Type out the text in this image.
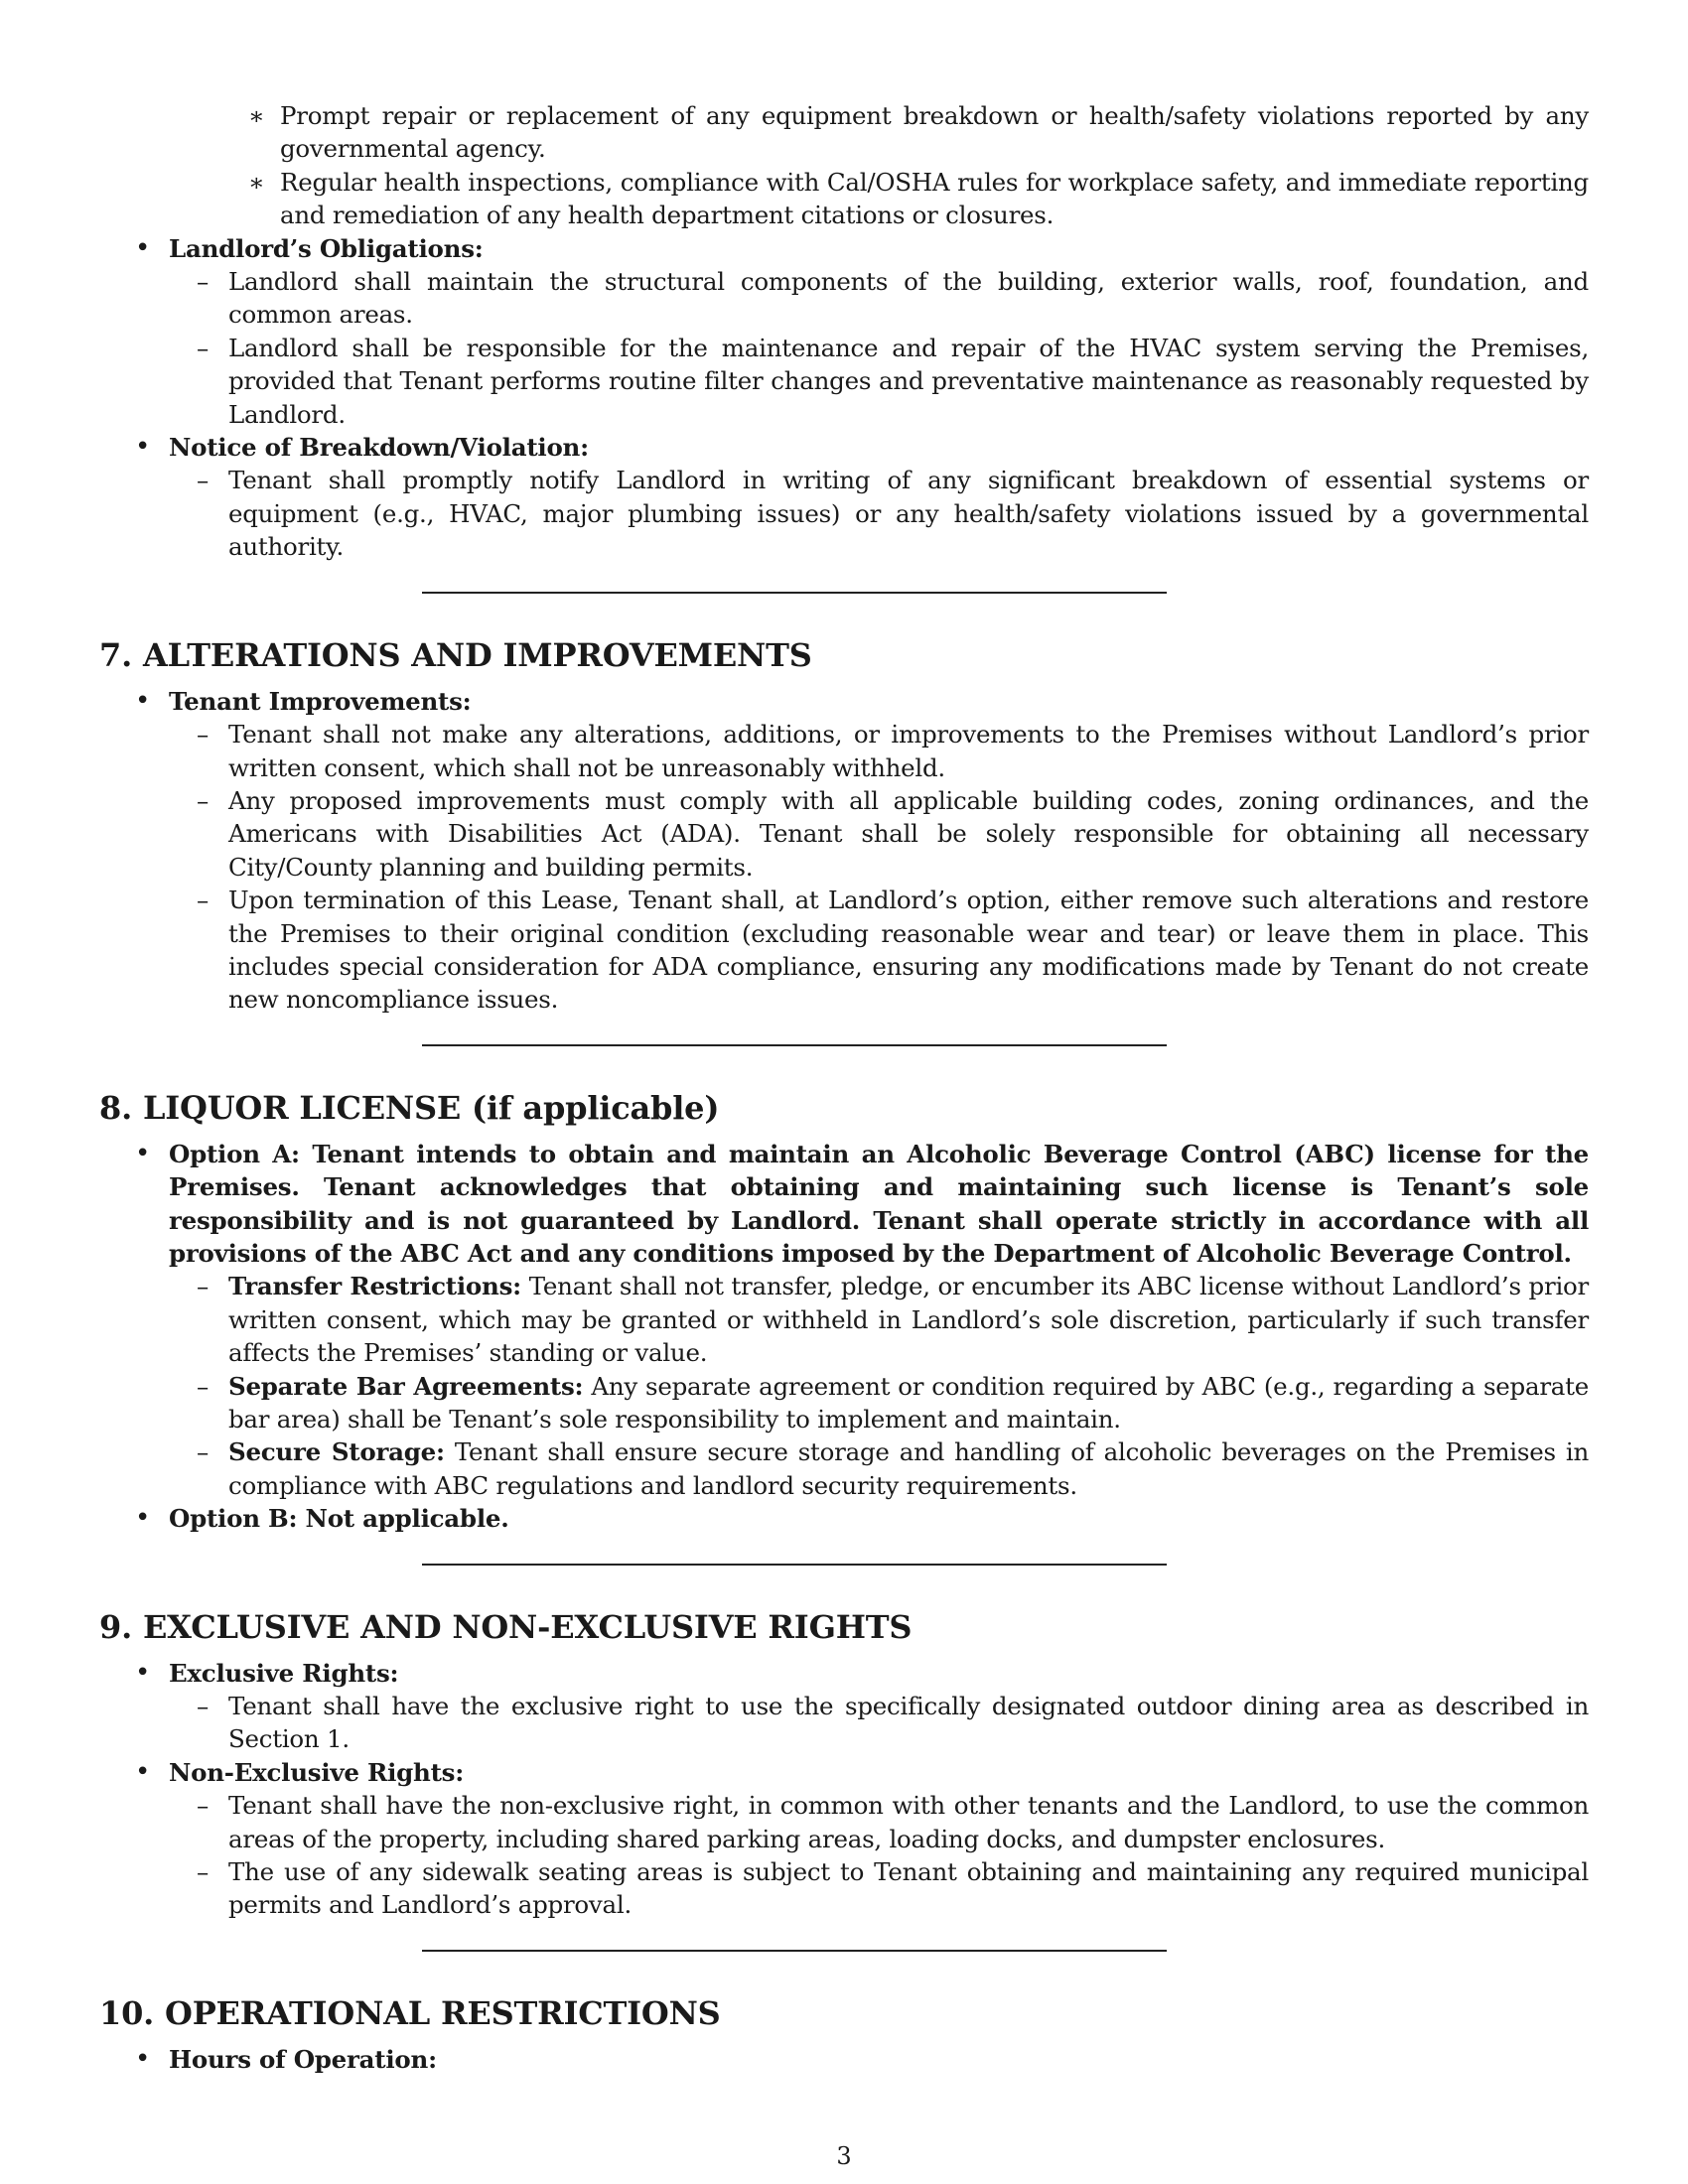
∗ Prompt repair or replacement of any equipment breakdown or health/safety violations reported by any governmental agency.
∗ Regular health inspections, compliance with Cal/OSHA rules for workplace safety, and immediate reporting and remediation of any health department citations or closures.
• Landlord’s Obligations:
– Landlord shall maintain the structural components of the building, exterior walls, roof, foundation, and common areas.
– Landlord shall be responsible for the maintenance and repair of the HVAC system serving the Premises, provided that Tenant performs routine filter changes and preventative maintenance as reasonably requested by Landlord.
• Notice of Breakdown/Violation:
– Tenant shall promptly notify Landlord in writing of any significant breakdown of essential systems or equipment (e.g., HVAC, major plumbing issues) or any health/safety violations issued by a governmental authority.
7. ALTERATIONS AND IMPROVEMENTS
• Tenant Improvements:
– Tenant shall not make any alterations, additions, or improvements to the Premises without Landlord’s prior written consent, which shall not be unreasonably withheld.
– Any proposed improvements must comply with all applicable building codes, zoning ordinances, and the Americans with Disabilities Act (ADA). Tenant shall be solely responsible for obtaining all necessary City/County planning and building permits.
– Upon termination of this Lease, Tenant shall, at Landlord’s option, either remove such alterations and restore the Premises to their original condition (excluding reasonable wear and tear) or leave them in place. This includes special consideration for ADA compliance, ensuring any modifications made by Tenant do not create new noncompliance issues.
8. LIQUOR LICENSE (if applicable)
• Option A: Tenant intends to obtain and maintain an Alcoholic Beverage Control (ABC) license for the Premises. Tenant acknowledges that obtaining and maintaining such license is Tenant’s sole responsibility and is not guaranteed by Landlord. Tenant shall operate strictly in accordance with all provisions of the ABC Act and any conditions imposed by the Department of Alcoholic Beverage Control.
– Transfer Restrictions: Tenant shall not transfer, pledge, or encumber its ABC license without Landlord’s prior written consent, which may be granted or withheld in Landlord’s sole discretion, particularly if such transfer affects the Premises’ standing or value.
– Separate Bar Agreements: Any separate agreement or condition required by ABC (e.g., regarding a separate bar area) shall be Tenant’s sole responsibility to implement and maintain.
– Secure Storage: Tenant shall ensure secure storage and handling of alcoholic beverages on the Premises in compliance with ABC regulations and landlord security requirements.
• Option B: Not applicable.
9. EXCLUSIVE AND NON-EXCLUSIVE RIGHTS
• Exclusive Rights:
– Tenant shall have the exclusive right to use the specifically designated outdoor dining area as described in Section 1.
• Non-Exclusive Rights:
– Tenant shall have the non-exclusive right, in common with other tenants and the Landlord, to use the common areas of the property, including shared parking areas, loading docks, and dumpster enclosures.
– The use of any sidewalk seating areas is subject to Tenant obtaining and maintaining any required municipal permits and Landlord’s approval.
10. OPERATIONAL RESTRICTIONS
• Hours of Operation:
3
